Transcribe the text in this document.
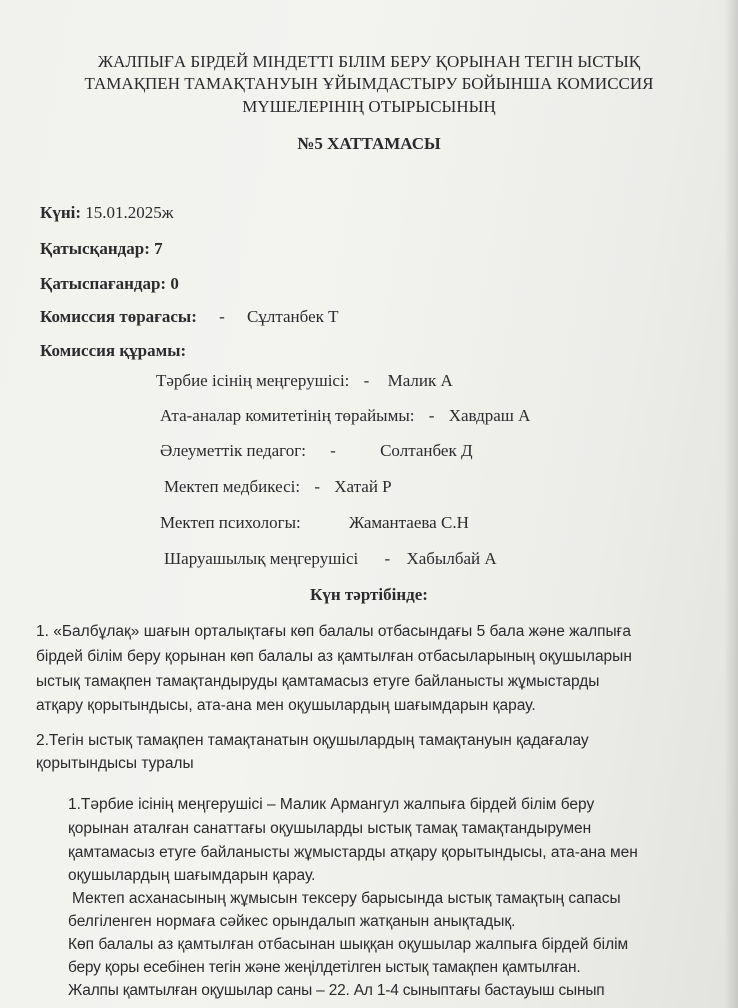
ЖАЛПЫҒА БІРДЕЙ МІНДЕТТІ БІЛІМ БЕРУ ҚОРЫНАН ТЕГІН ЫСТЫҚ
ТАМАҚПЕН ТАМАҚТАНУЫН ҰЙЫМДАСТЫРУ БОЙЫНША КОМИССИЯ
МҮШЕЛЕРІНІҢ ОТЫРЫСЫНЫҢ
№5 ХАТТАМАСЫ
Күні: 15.01.2025ж
Қатысқандар: 7
Қатыспағандар: 0
Комиссия төрағасы: - Сұлтанбек Т
Комиссия құрамы:
Тәрбие ісінің меңгерушісі: - Малик А
Ата-аналар комитетінің төрайымы: - Хавдраш А
Әлеуметтік педагог: -	Солтанбек Д
Мектеп медбикесі: - Хатай Р
Мектеп психологы:	Жамантаева С.Н
Шаруашылық меңгерушісі - Хабылбай А
Күн тәртібінде:
1. «Балбұлақ» шағын орталықтағы көп балалы отбасындағы 5 бала және жалпыға
бірдей білім беру қорынан көп балалы аз қамтылған отбасыларының оқушыларын
ыстық тамақпен тамақтандыруды қамтамасыз етуге байланысты жұмыстарды
атқару қорытындысы, ата-ана мен оқушылардың шағымдарын қарау.
2.Тегін ыстық тамақпен тамақтанатын оқушылардың тамақтануын қадағалау
қорытындысы туралы
1.Тәрбие ісінің меңгерушісі – Малик Армангул жалпыға бірдей білім беру
қорынан аталған санаттағы оқушыларды ыстық тамақ тамақтандырумен
қамтамасыз етуге байланысты жұмыстарды атқару қорытындысы, ата-ана мен
оқушылардың шағымдарын қарау.
Мектеп асханасының жұмысын тексеру барысында ыстық тамақтың сапасы
белгіленген нормаға сәйкес орындалып жатқанын анықтадық.
Көп балалы аз қамтылған отбасынан шыққан оқушылар жалпыға бірдей білім
беру қоры есебінен тегін және жеңілдетілген ыстық тамақпен қамтылған.
Жалпы қамтылған оқушылар саны – 22. Ал 1-4 сыныптағы бастауыш сынып
